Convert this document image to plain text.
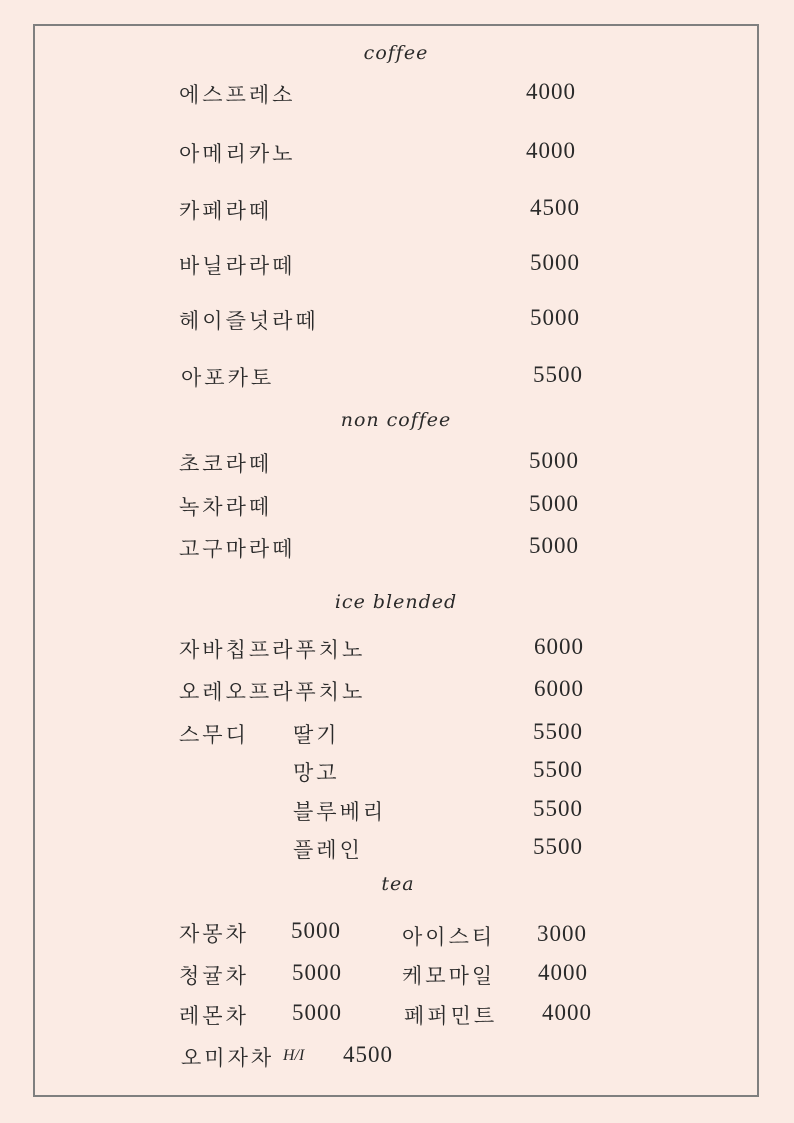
coffee
에스프레소	4000
아메리카노	4000
카페라떼	4500
바닐라라떼	5000
헤이즐넛라떼	5000
아포카토	5500
non coffee
초코라떼	5000
녹차라떼	5000
고구마라떼	5000
ice blended
자바칩프라푸치노	6000
오레오프라푸치노	6000
스무디 딸기	5500
망고	5500
블루베리	5500
플레인	5500
tea
자몽차 5000	아이스티 3000
청귤차 5000	케모마일 4000
레몬차 5000	페퍼민트 4000
오미자차 H/I 4500
